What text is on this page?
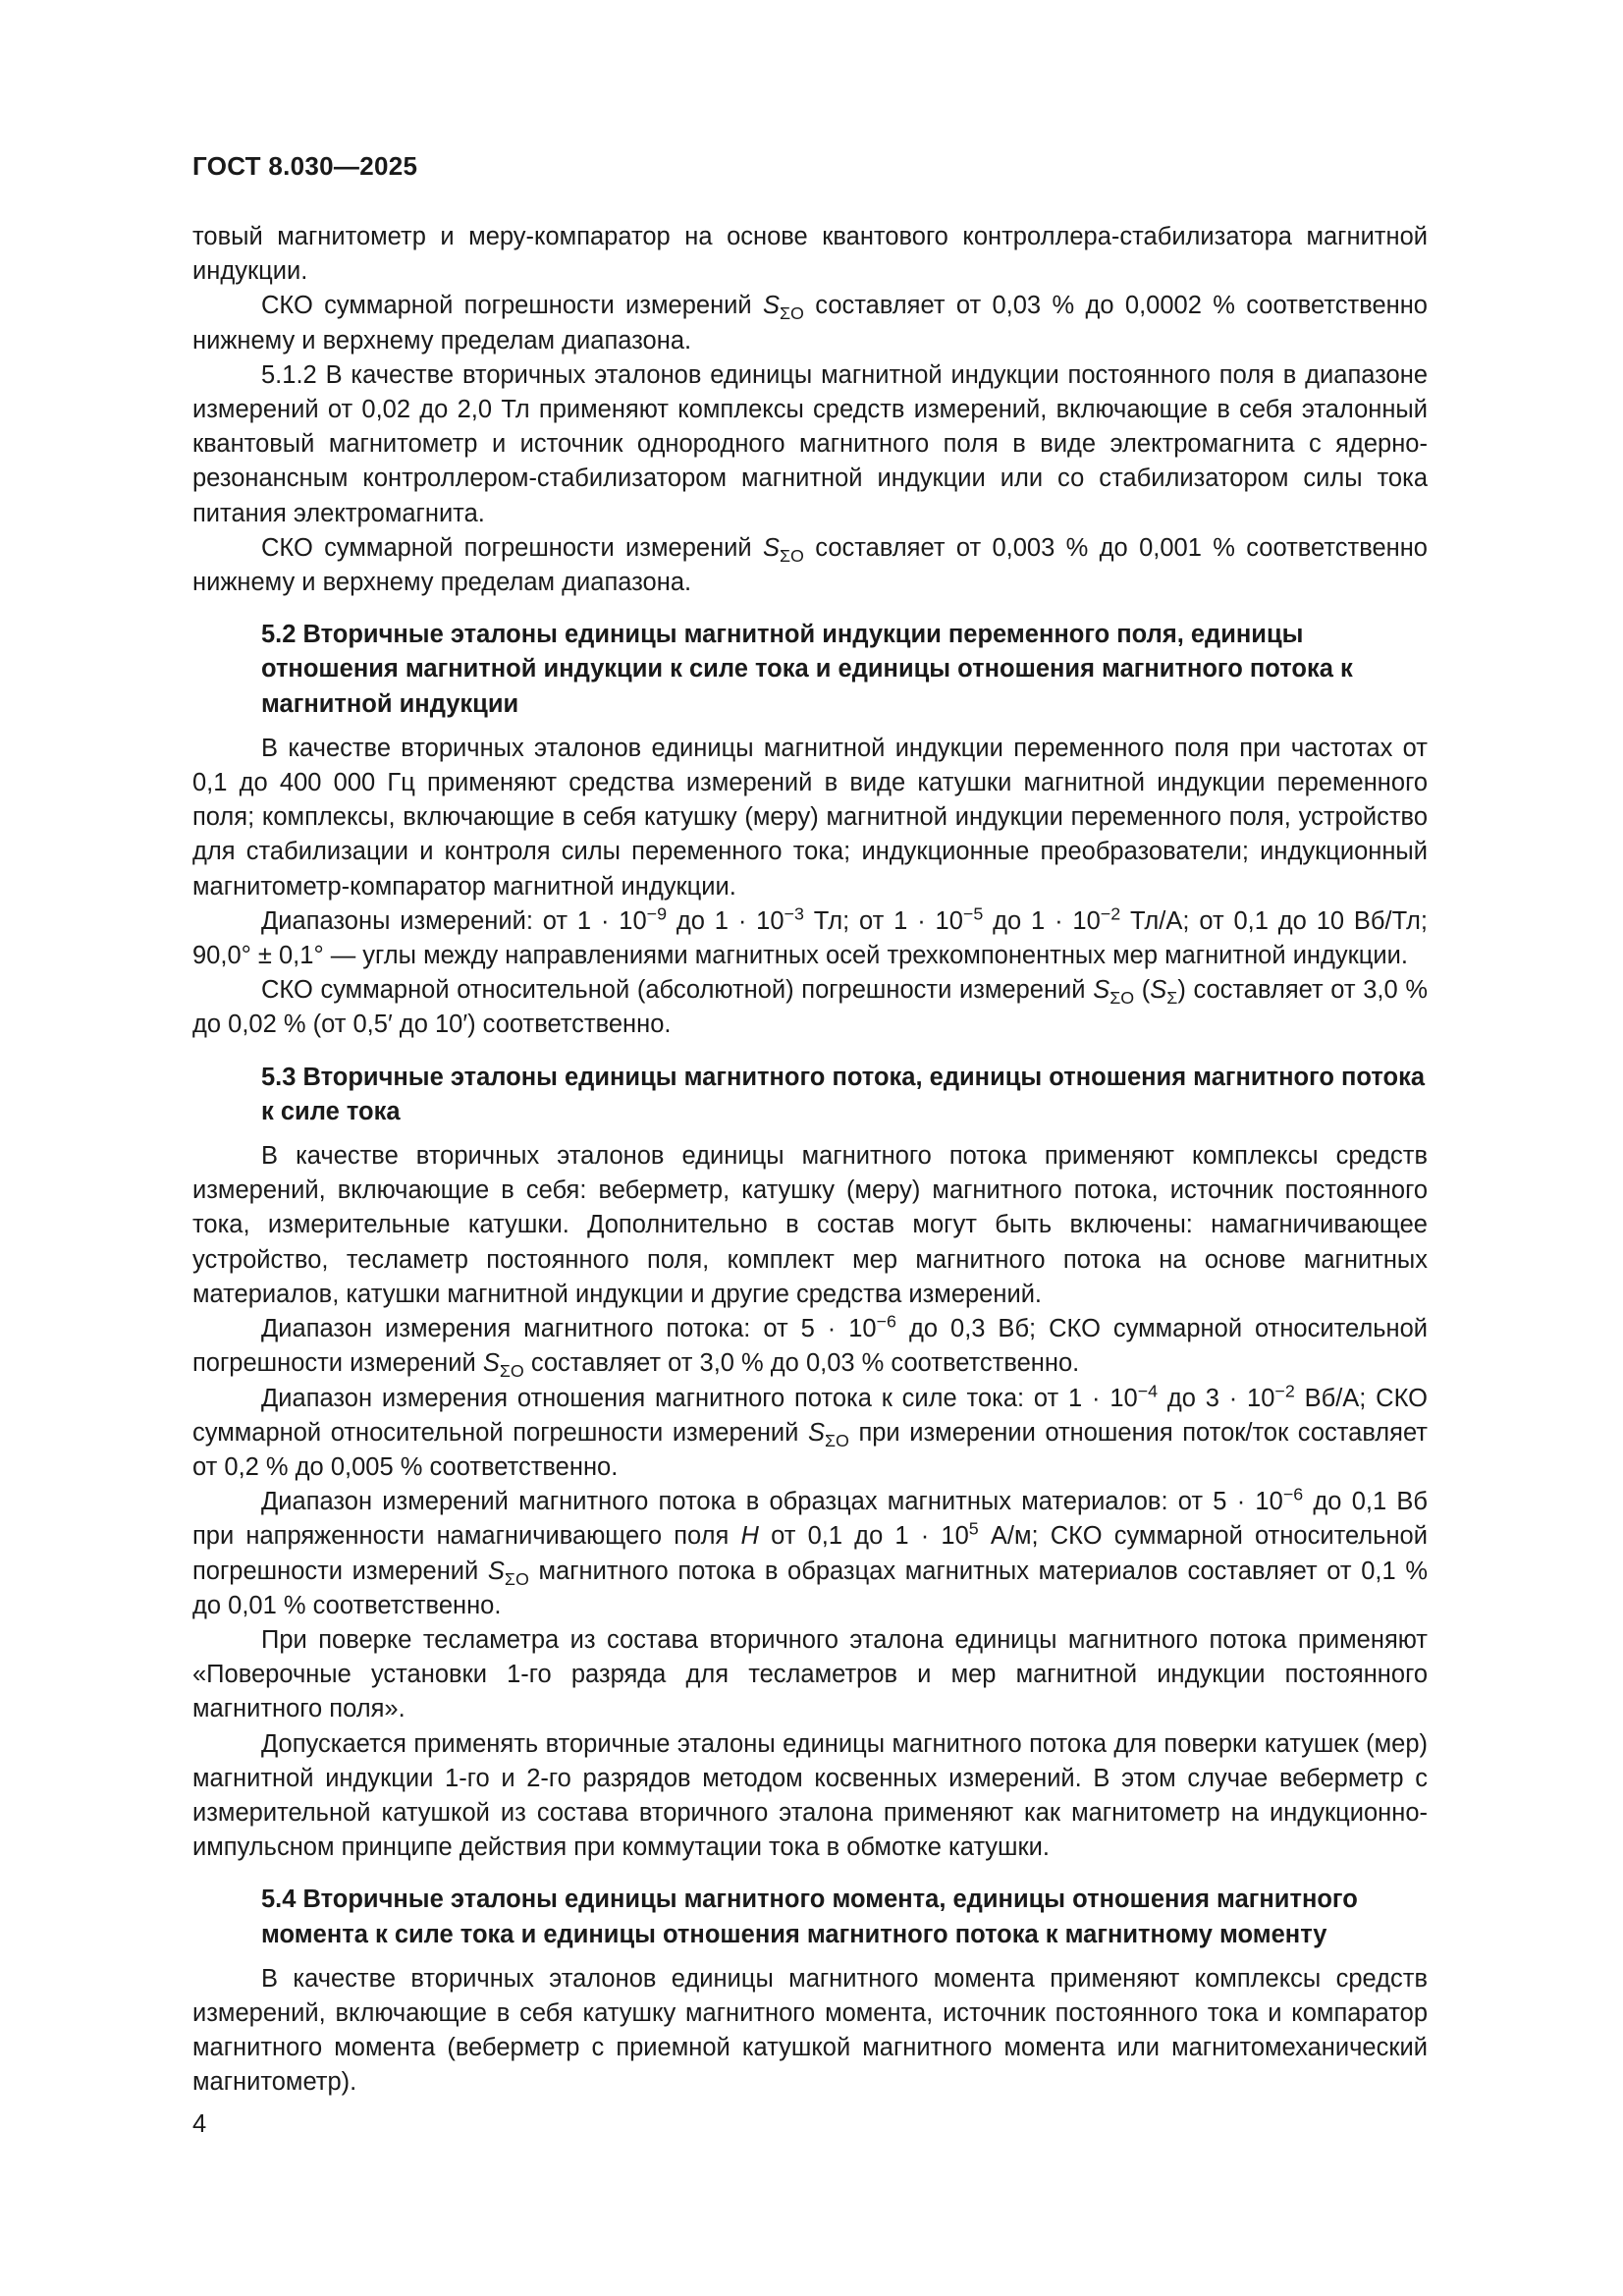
ГОСТ 8.030—2025

товый магнитометр и меру-компаратор на основе квантового контроллера-стабилизатора магнитной индукции.

СКО суммарной погрешности измерений $S_{\Sigma O}$ составляет от 0,03 % до 0,0002 % соответственно нижнему и верхнему пределам диапазона.

5.1.2 В качестве вторичных эталонов единицы магнитной индукции постоянного поля в диапазоне измерений от 0,02 до 2,0 Тл применяют комплексы средств измерений, включающие в себя эталонный квантовый магнитометр и источник однородного магнитного поля в виде электромагнита с ядерно-резонансным контроллером-стабилизатором магнитной индукции или со стабилизатором силы тока питания электромагнита.

СКО суммарной погрешности измерений $S_{\Sigma O}$ составляет от 0,003 % до 0,001 % соответственно нижнему и верхнему пределам диапазона.

5.2 Вторичные эталоны единицы магнитной индукции переменного поля, единицы отношения магнитной индукции к силе тока и единицы отношения магнитного потока к магнитной индукции

В качестве вторичных эталонов единицы магнитной индукции переменного поля при частотах от 0,1 до 400 000 Гц применяют средства измерений в виде катушки магнитной индукции переменного поля; комплексы, включающие в себя катушку (меру) магнитной индукции переменного поля, устройство для стабилизации и контроля силы переменного тока; индукционные преобразователи; индукционный магнитометр-компаратор магнитной индукции.

Диапазоны измерений: от $1 \cdot 10^{-9}$ до $1 \cdot 10^{-3}$ Тл; от $1 \cdot 10^{-5}$ до $1 \cdot 10^{-2}$ Тл/А; от 0,1 до 10 Вб/Тл; 90,0° ± 0,1° — углы между направлениями магнитных осей трехкомпонентных мер магнитной индукции.

СКО суммарной относительной (абсолютной) погрешности измерений $S_{\Sigma O}$ $(S_\Sigma)$ составляет от 3,0 % до 0,02 % (от 0,5′ до 10′) соответственно.

5.3 Вторичные эталоны единицы магнитного потока, единицы отношения магнитного потока к силе тока

В качестве вторичных эталонов единицы магнитного потока применяют комплексы средств измерений, включающие в себя: веберметр, катушку (меру) магнитного потока, источник постоянного тока, измерительные катушки. Дополнительно в состав могут быть включены: намагничивающее устройство, тесламетр постоянного поля, комплект мер магнитного потока на основе магнитных материалов, катушки магнитной индукции и другие средства измерений.

Диапазон измерения магнитного потока: от $5 \cdot 10^{-6}$ до 0,3 Вб; СКО суммарной относительной погрешности измерений $S_{\Sigma O}$ составляет от 3,0 % до 0,03 % соответственно.

Диапазон измерения отношения магнитного потока к силе тока: от $1 \cdot 10^{-4}$ до $3 \cdot 10^{-2}$ Вб/А; СКО суммарной относительной погрешности измерений $S_{\Sigma O}$ при измерении отношения поток/ток составляет от 0,2 % до 0,005 % соответственно.

Диапазон измерений магнитного потока в образцах магнитных материалов: от $5 \cdot 10^{-6}$ до 0,1 Вб при напряженности намагничивающего поля H от 0,1 до $1 \cdot 10^5$ А/м; СКО суммарной относительной погрешности измерений $S_{\Sigma O}$ магнитного потока в образцах магнитных материалов составляет от 0,1 % до 0,01 % соответственно.

При поверке тесламетра из состава вторичного эталона единицы магнитного потока применяют «Поверочные установки 1-го разряда для тесламетров и мер магнитной индукции постоянного магнитного поля».

Допускается применять вторичные эталоны единицы магнитного потока для поверки катушек (мер) магнитной индукции 1-го и 2-го разрядов методом косвенных измерений. В этом случае веберметр с измерительной катушкой из состава вторичного эталона применяют как магнитометр на индукционно-импульсном принципе действия при коммутации тока в обмотке катушки.

5.4 Вторичные эталоны единицы магнитного момента, единицы отношения магнитного момента к силе тока и единицы отношения магнитного потока к магнитному моменту

В качестве вторичных эталонов единицы магнитного момента применяют комплексы средств измерений, включающие в себя катушку магнитного момента, источник постоянного тока и компаратор магнитного момента (веберметр с приемной катушкой магнитного момента или магнитомеханический магнитометр).

4
